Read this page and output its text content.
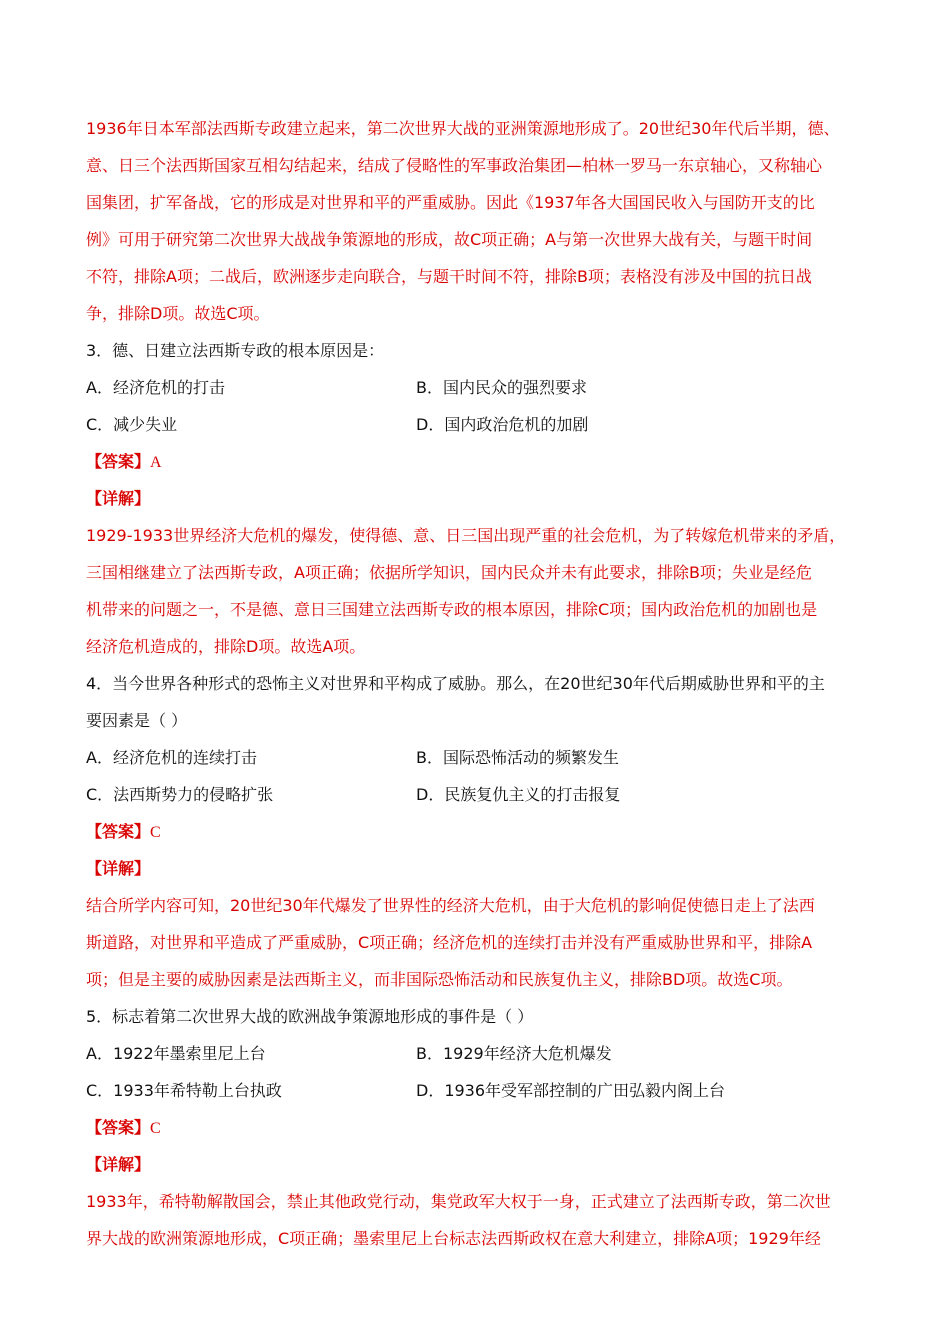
1936年日本军部法西斯专政建立起来，第二次世界大战的亚洲策源地形成了。20世纪30年代后半期，德、
意、日三个法西斯国家互相勾结起来，结成了侵略性的军事政治集团—柏林一罗马一东京轴心，又称轴心
国集团，扩军备战，它的形成是对世界和平的严重威胁。因此《1937年各大国国民收入与国防开支的比
例》可用于研究第二次世界大战战争策源地的形成，故C项正确；A与第一次世界大战有关，与题干时间
不符，排除A项；二战后，欧洲逐步走向联合，与题干时间不符，排除B项；表格没有涉及中国的抗日战
争，排除D项。故选C项。
3．德、日建立法西斯专政的根本原因是：
A．经济危机的打击	B．国内民众的强烈要求
C．减少失业	D．国内政治危机的加剧
【答案】A
【详解】
1929-1933世界经济大危机的爆发，使得德、意、日三国出现严重的社会危机，为了转嫁危机带来的矛盾，
三国相继建立了法西斯专政，A项正确；依据所学知识，国内民众并未有此要求，排除B项；失业是经危
机带来的问题之一，不是德、意日三国建立法西斯专政的根本原因，排除C项；国内政治危机的加剧也是
经济危机造成的，排除D项。故选A项。
4．当今世界各种形式的恐怖主义对世界和平构成了威胁。那么，在20世纪30年代后期威胁世界和平的主
要因素是（ ）
A．经济危机的连续打击	B．国际恐怖活动的频繁发生
C．法西斯势力的侵略扩张	D．民族复仇主义的打击报复
【答案】C
【详解】
结合所学内容可知，20世纪30年代爆发了世界性的经济大危机，由于大危机的影响促使德日走上了法西
斯道路，对世界和平造成了严重威胁，C项正确；经济危机的连续打击并没有严重威胁世界和平，排除A
项；但是主要的威胁因素是法西斯主义，而非国际恐怖活动和民族复仇主义，排除BD项。故选C项。
5．标志着第二次世界大战的欧洲战争策源地形成的事件是（ ）
A．1922年墨索里尼上台	B．1929年经济大危机爆发
C．1933年希特勒上台执政	D．1936年受军部控制的广田弘毅内阁上台
【答案】C
【详解】
1933年，希特勒解散国会，禁止其他政党行动，集党政军大权于一身，正式建立了法西斯专政，第二次世
界大战的欧洲策源地形成，C项正确；墨索里尼上台标志法西斯政权在意大利建立，排除A项；1929年经
